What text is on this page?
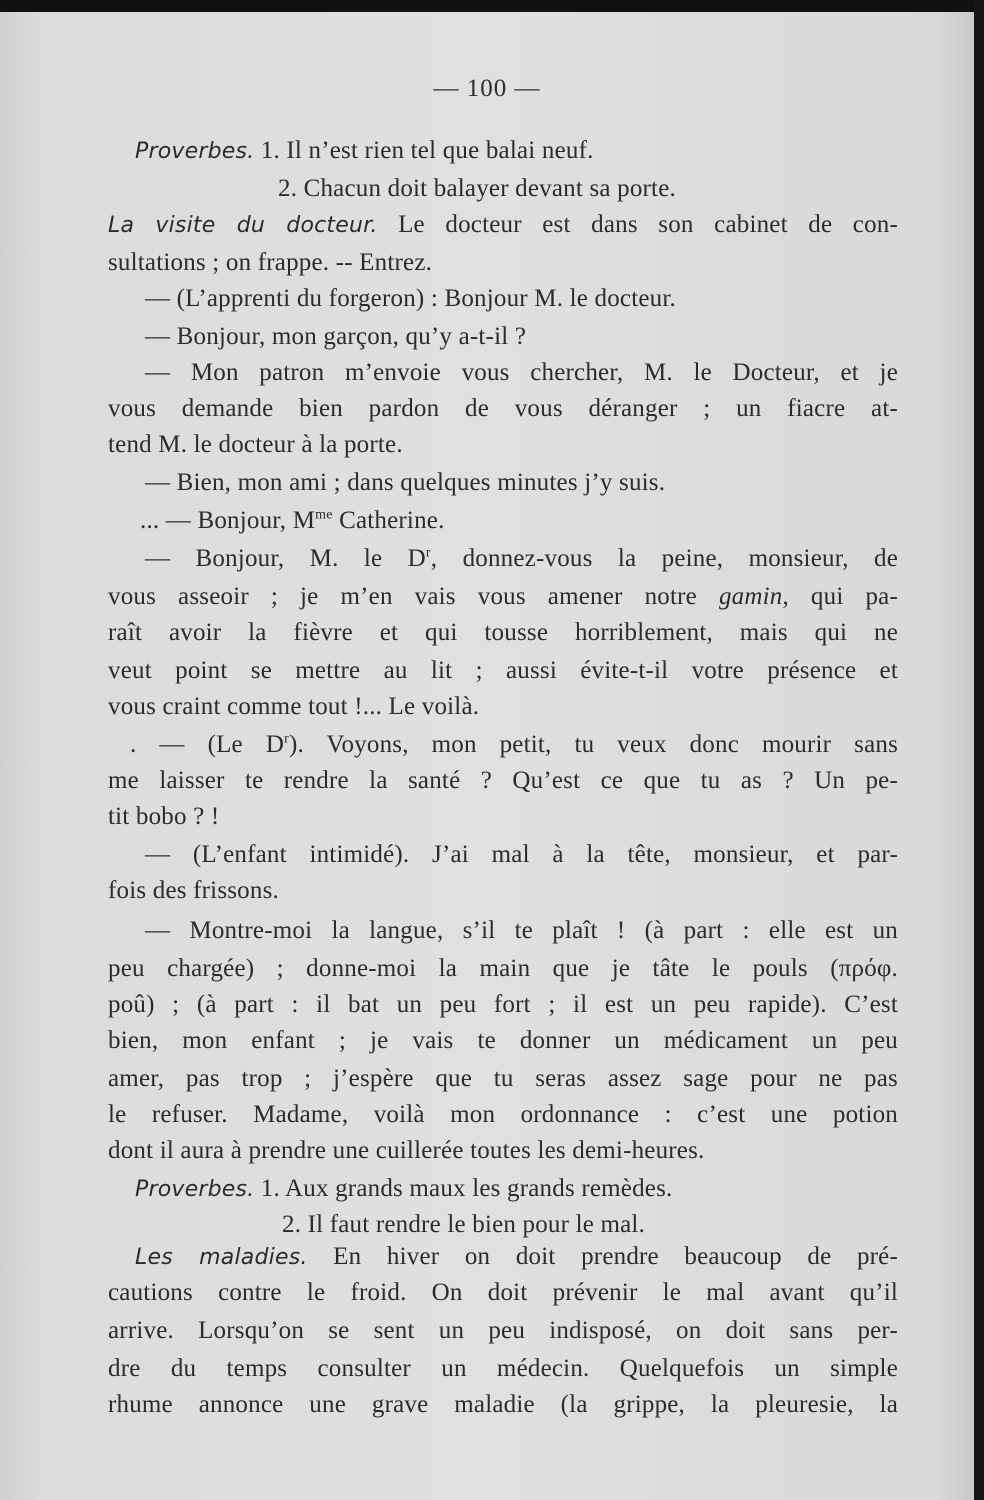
— 100 —
Proverbes. 1. Il n’est rien tel que balai neuf.
2. Chacun doit balayer devant sa porte.
La visite du docteur. Le docteur est dans son cabinet de con-
sultations ; on frappe. -- Entrez.
— (L’apprenti du forgeron) : Bonjour M. le docteur.
— Bonjour, mon garçon, qu’y a-t-il ?
— Mon patron m’envoie vous chercher, M. le Docteur, et je
vous demande bien pardon de vous déranger ; un fiacre at-
tend M. le docteur à la porte.
— Bien, mon ami ; dans quelques minutes j’y suis.
... — Bonjour, $M^{me}$ Catherine.
— Bonjour, M. le $D^r$, donnez-vous la peine, monsieur, de
vous asseoir ; je m’en vais vous amener notre gamin, qui pa-
raît avoir la fièvre et qui tousse horriblement, mais qui ne
veut point se mettre au lit ; aussi évite-t-il votre présence et
vous craint comme tout !... Le voilà.
. — (Le $D^r$). Voyons, mon petit, tu veux donc mourir sans
me laisser te rendre la santé ? Qu’est ce que tu as ? Un pe-
tit bobo ? !
— (L’enfant intimidé). J’ai mal à la tête, monsieur, et par-
fois des frissons.
— Montre-moi la langue, s’il te plaît ! (à part : elle est un
peu chargée) ; donne-moi la main que je tâte le pouls (πρόφ.
poû) ; (à part : il bat un peu fort ; il est un peu rapide). C’est
bien, mon enfant ; je vais te donner un médicament un peu
amer, pas trop ; j’espère que tu seras assez sage pour ne pas
le refuser. Madame, voilà mon ordonnance : c’est une potion
dont il aura à prendre une cuillerée toutes les demi-heures.
Proverbes. 1. Aux grands maux les grands remèdes.
2. Il faut rendre le bien pour le mal.
Les maladies. En hiver on doit prendre beaucoup de pré-
cautions contre le froid. On doit prévenir le mal avant qu’il
arrive. Lorsqu’on se sent un peu indisposé, on doit sans per-
dre du temps consulter un médecin. Quelquefois un simple
rhume annonce une grave maladie (la grippe, la pleuresie, la
